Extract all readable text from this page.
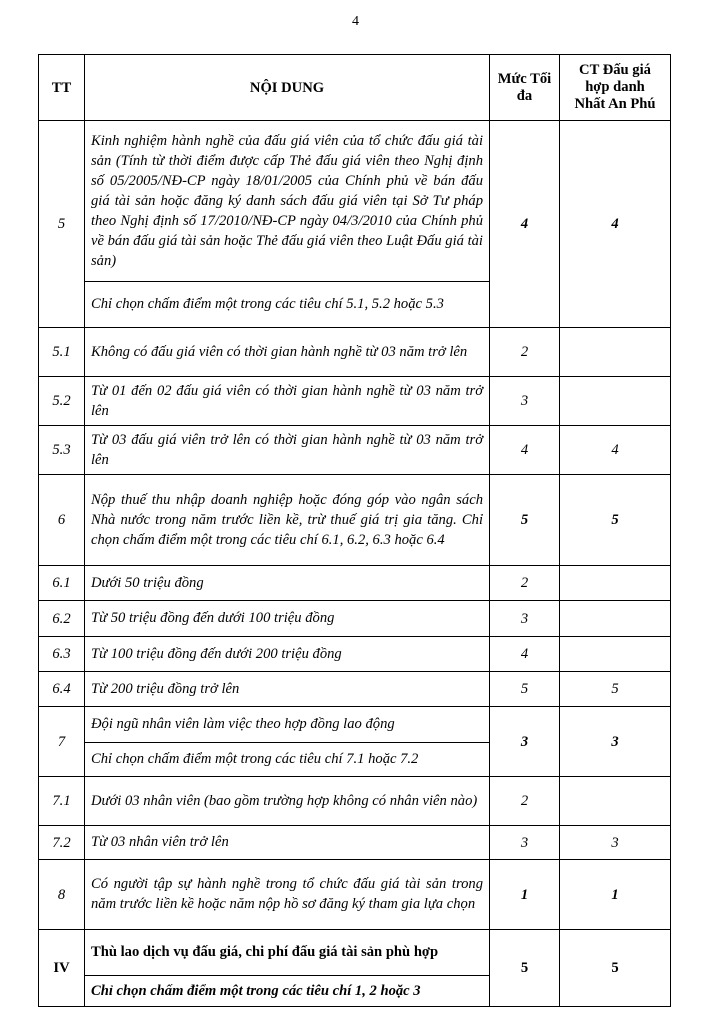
4
TT	NỘI DUNG	Mức Tối đa	CT Đấu giá hợp danh Nhất An Phú
5	Kinh nghiệm hành nghề của đấu giá viên của tổ chức đấu giá tài sản (Tính từ thời điểm được cấp Thẻ đấu giá viên theo Nghị định số 05/2005/NĐ-CP ngày 18/01/2005 của Chính phủ về bán đấu giá tài sản hoặc đăng ký danh sách đấu giá viên tại Sở Tư pháp theo Nghị định số 17/2010/NĐ-CP ngày 04/3/2010 của Chính phủ về bán đấu giá tài sản hoặc Thẻ đấu giá viên theo Luật Đấu giá tài sản)	4	4
	Chỉ chọn chấm điểm một trong các tiêu chí 5.1, 5.2 hoặc 5.3		
5.1	Không có đấu giá viên có thời gian hành nghề từ 03 năm trở lên	2	
5.2	Từ 01 đến 02 đấu giá viên có thời gian hành nghề từ 03 năm trở lên	3	
5.3	Từ 03 đấu giá viên trở lên có thời gian hành nghề từ 03 năm trở lên	4	4
6	Nộp thuế thu nhập doanh nghiệp hoặc đóng góp vào ngân sách Nhà nước trong năm trước liền kề, trừ thuế giá trị gia tăng. Chỉ chọn chấm điểm một trong các tiêu chí 6.1, 6.2, 6.3 hoặc 6.4	5	5
6.1	Dưới 50 triệu đồng	2	
6.2	Từ 50 triệu đồng đến dưới 100 triệu đồng	3	
6.3	Từ 100 triệu đồng đến dưới 200 triệu đồng	4	
6.4	Từ 200 triệu đồng trở lên	5	5
7	Đội ngũ nhân viên làm việc theo hợp đồng lao động	3	3
	Chỉ chọn chấm điểm một trong các tiêu chí 7.1 hoặc 7.2		
7.1	Dưới 03 nhân viên (bao gồm trường hợp không có nhân viên nào)	2	
7.2	Từ 03 nhân viên trở lên	3	3
8	Có người tập sự hành nghề trong tổ chức đấu giá tài sản trong năm trước liền kề hoặc năm nộp hồ sơ đăng ký tham gia lựa chọn	1	1
IV	Thù lao dịch vụ đấu giá, chi phí đấu giá tài sản phù hợp	5	5
	Chỉ chọn chấm điểm một trong các tiêu chí 1, 2 hoặc 3		
